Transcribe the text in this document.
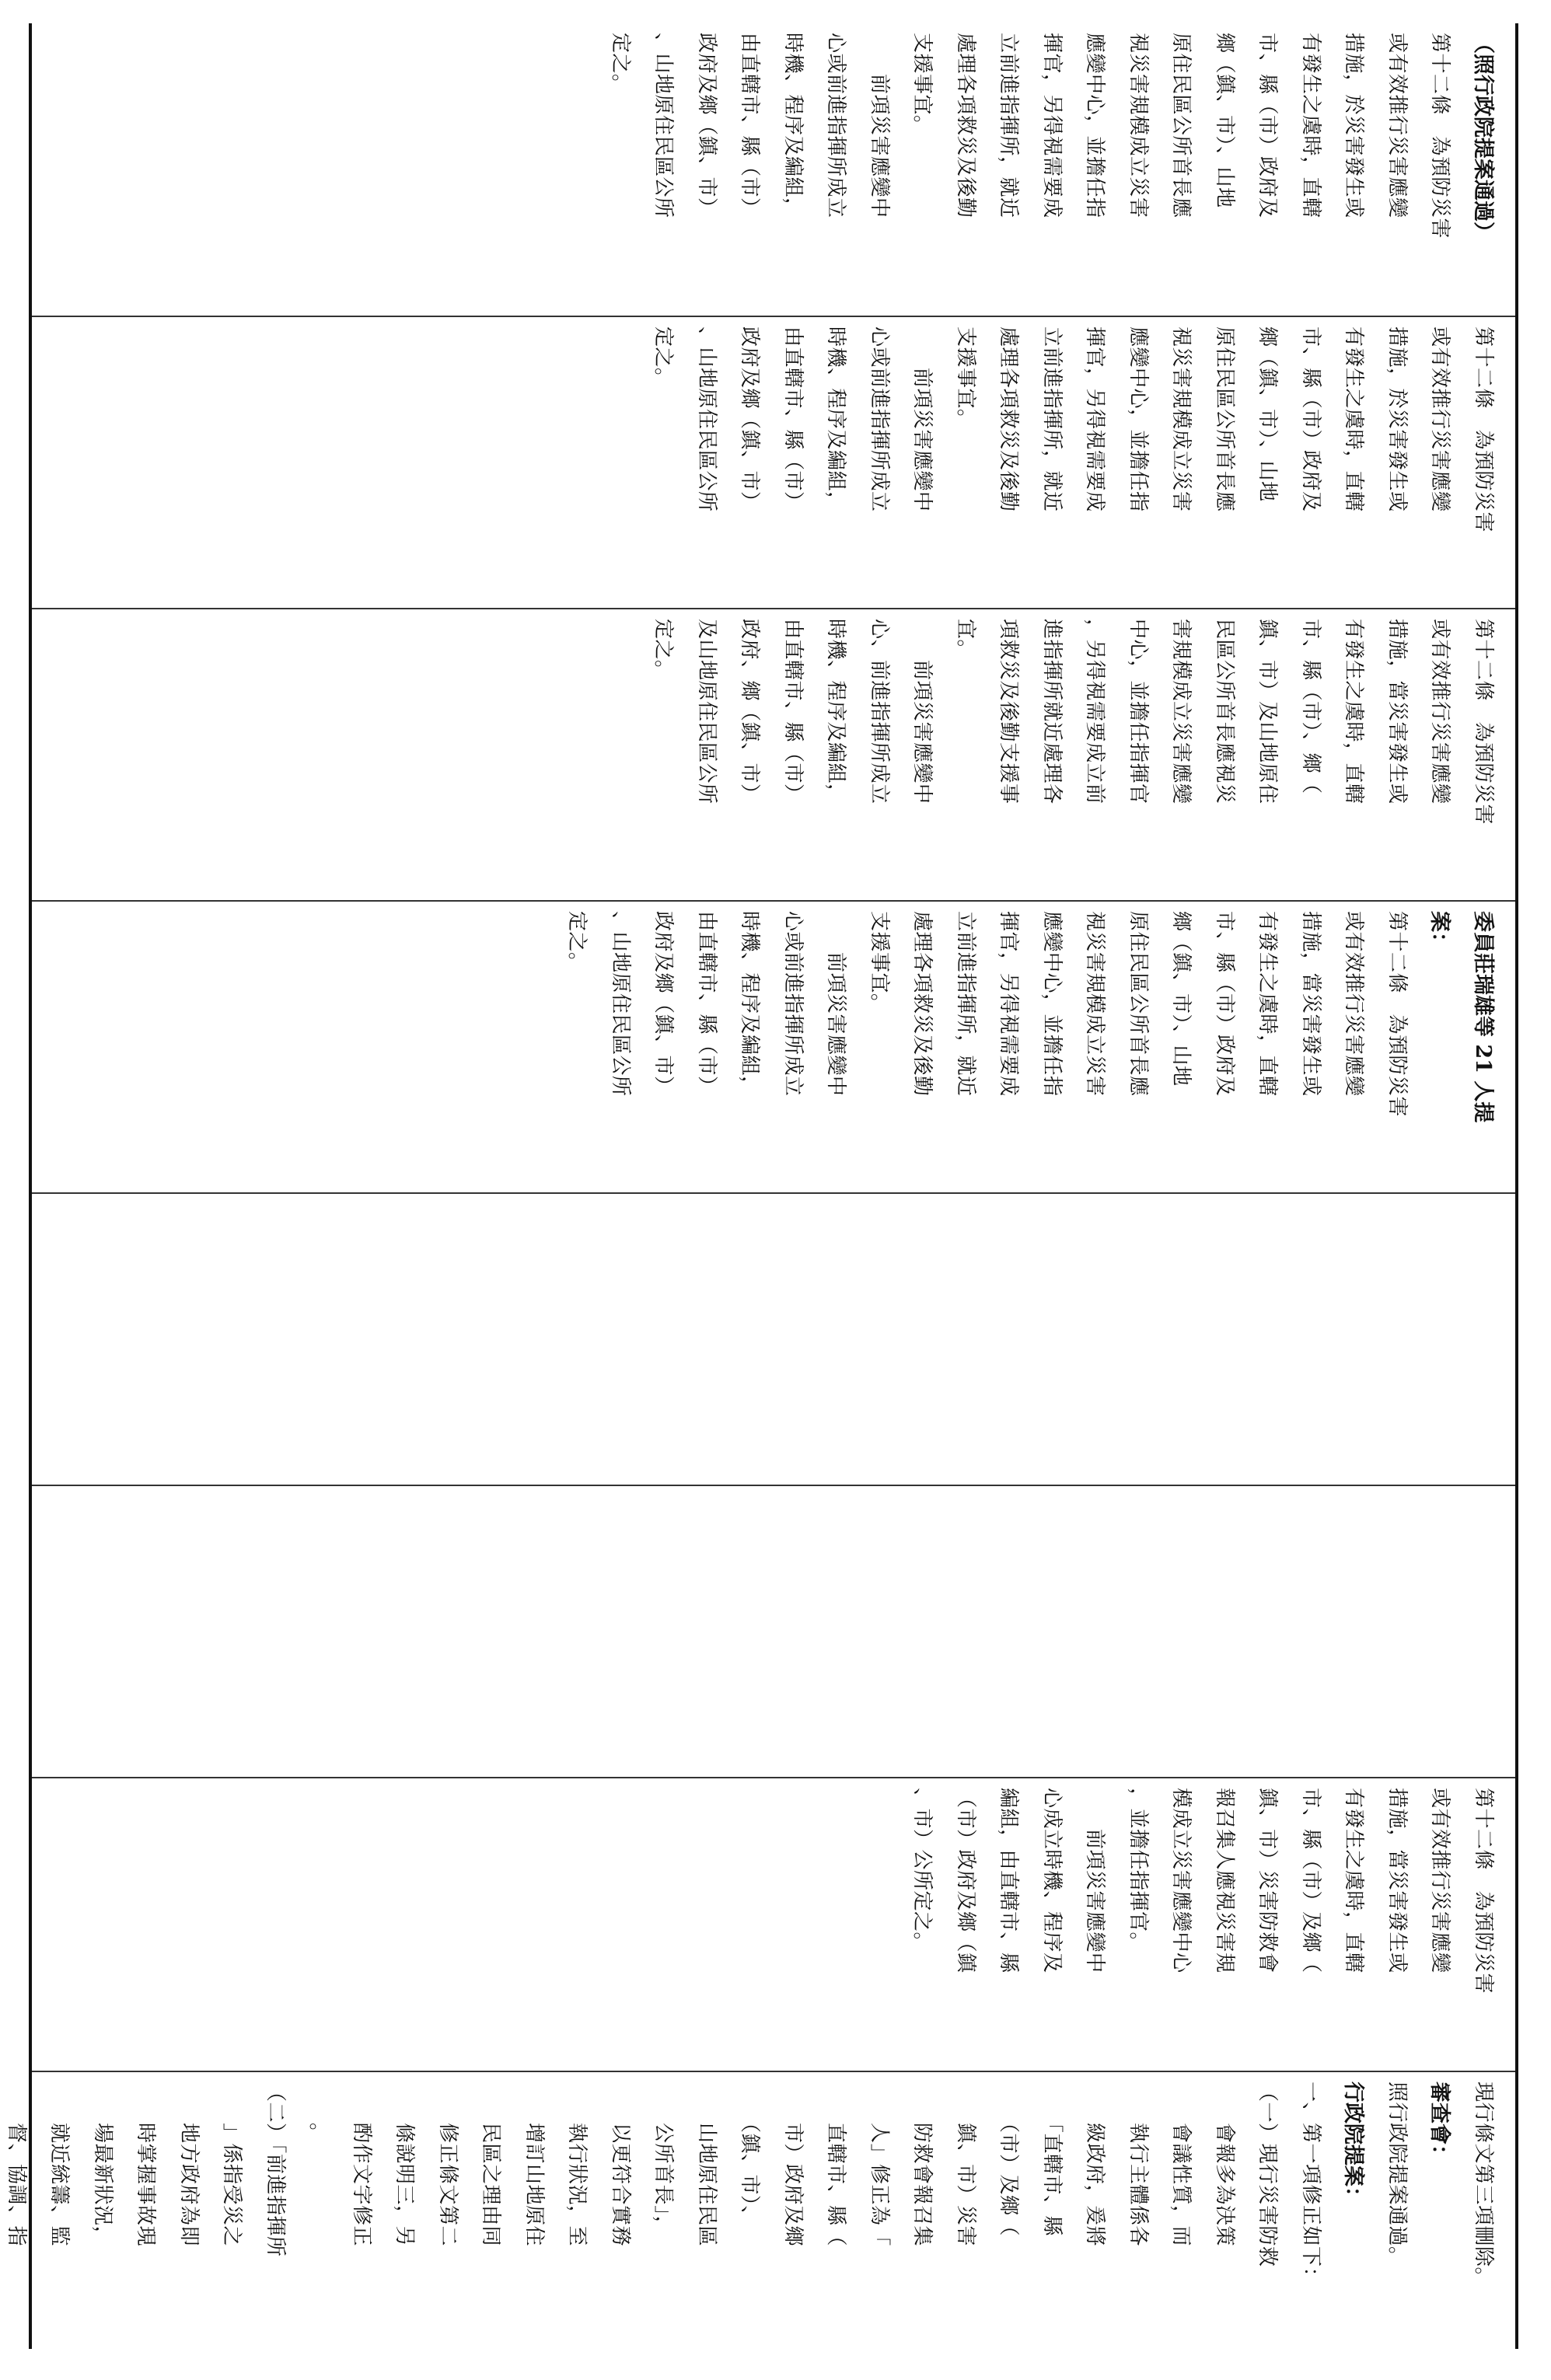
（照行政院提案通過）
第十二條　為預防災害
或有效推行災害應變
措施，於災害發生或
有發生之虞時，直轄
市、縣（市）政府及
鄉（鎮、市）、山地
原住民區公所首長應
視災害規模成立災害
應變中心，並擔任指
揮官，另得視需要成
立前進指揮所，就近
處理各項救災及後勤
支援事宜。
　　前項災害應變中
心或前進指揮所成立
時機、程序及編組，
由直轄市、縣（市）
政府及鄉（鎮、市）
、山地原住民區公所
定之。
第十二條　為預防災害
或有效推行災害應變
措施，於災害發生或
有發生之虞時，直轄
市、縣（市）政府及
鄉（鎮、市）、山地
原住民區公所首長應
視災害規模成立災害
應變中心，並擔任指
揮官，另得視需要成
立前進指揮所，就近
處理各項救災及後勤
支援事宜。
　　前項災害應變中
心或前進指揮所成立
時機、程序及編組，
由直轄市、縣（市）
政府及鄉（鎮、市）
、山地原住民區公所
定之。
第十二條　為預防災害
或有效推行災害應變
措施，當災害發生或
有發生之虞時，直轄
市、縣（市）、鄉（
鎮、市）及山地原住
民區公所首長應視災
害規模成立災害應變
中心，並擔任指揮官
，另得視需要成立前
進指揮所就近處理各
項救災及後勤支援事
宜。
　　前項災害應變中
心、前進指揮所成立
時機、程序及編組，
由直轄市、縣（市）
政府、鄉（鎮、市）
及山地原住民區公所
定之。
委員莊瑞雄等 21 人提
案：
第十二條　為預防災害
或有效推行災害應變
措施，當災害發生或
有發生之虞時，直轄
市、縣（市）政府及
鄉（鎮、市）、山地
原住民區公所首長應
視災害規模成立災害
應變中心，並擔任指
揮官，另得視需要成
立前進指揮所，就近
處理各項救災及後勤
支援事宜。
　　前項災害應變中
心或前進指揮所成立
時機、程序及編組，
由直轄市、縣（市）
政府及鄉（鎮、市）
、山地原住民區公所
定之。
第十二條　為預防災害
或有效推行災害應變
措施，當災害發生或
有發生之虞時，直轄
市、縣（市）及鄉（
鎮、市）災害防救會
報召集人應視災害規
模成立災害應變中心
，並擔任指揮官。
　　前項災害應變中
心成立時機、程序及
編組，由直轄市、縣
（市）政府及鄉（鎮
、市）公所定之。
現行條文第三項刪除。
審查會：
照行政院提案通過。
行政院提案：
一、第一項修正如下：
（一）現行災害防救
　　會報多為決策
　　會議性質，而
　　執行主體係各
　　級政府，爰將
　　「直轄市、縣
　　（市）及鄉（
　　鎮、市）災害
　　防救會報召集
　　人」修正為「
　　直轄市、縣（
　　市）政府及鄉
　　（鎮、市）、
　　山地原住民區
　　公所首長」，
　　以更符合實務
　　執行狀況，至
　　增訂山地原住
　　民區之理由同
　　修正條文第二
　　條說明三，另
　　酌作文字修正
　　。
（二）「前進指揮所
　　」係指受災之
　　地方政府為即
　　時掌握事故現
　　場最新狀況，
　　就近統籌、監
　　督、協調、指
